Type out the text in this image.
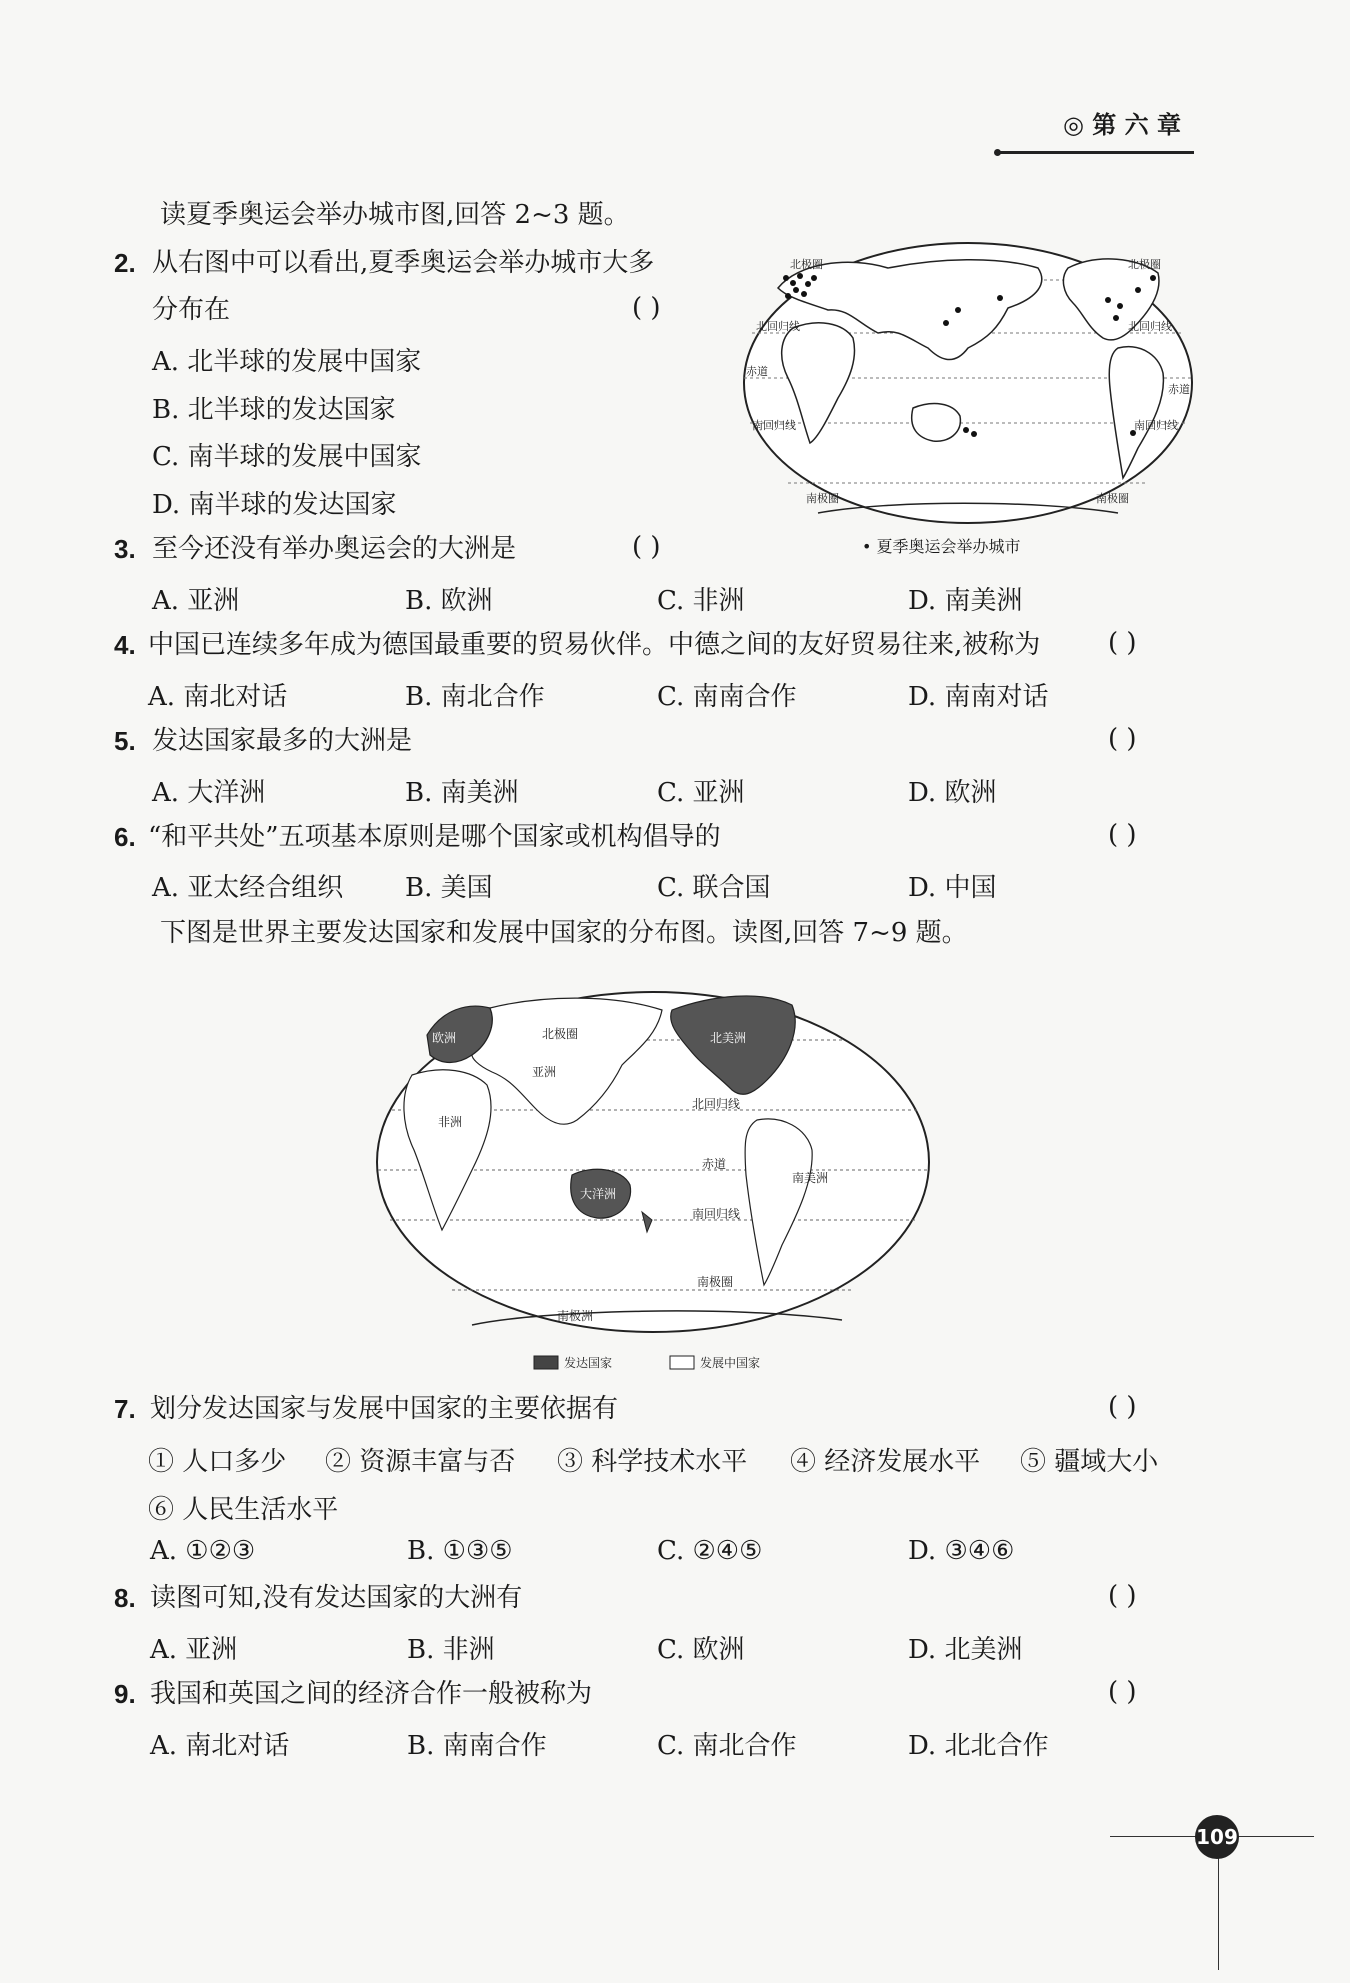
◎ 第 六 章
读夏季奥运会举办城市图,回答 2~3 题。
2. 从右图中可以看出,夏季奥运会举办城市大多
分布在	( )
A. 北半球的发展中国家
B. 北半球的发达国家
C. 南半球的发展中国家
D. 南半球的发达国家
北极圈	北极圈
北回归线	北回归线
赤道
赤道
南回归线	南回归线
南极圈	南极圈
• 夏季奥运会举办城市
3. 至今还没有举办奥运会的大洲是	( )
A. 亚洲	B. 欧洲	C. 非洲	D. 南美洲
4. 中国已连续多年成为德国最重要的贸易伙伴。中德之间的友好贸易往来,被称为	( )
A. 南北对话	B. 南北合作	C. 南南合作	D. 南南对话
5. 发达国家最多的大洲是	( )
A. 大洋洲	B. 南美洲	C. 亚洲	D. 欧洲
6. “和平共处”五项基本原则是哪个国家或机构倡导的	( )
A. 亚太经合组织 B. 美国	C. 联合国	D. 中国
下图是世界主要发达国家和发展中国家的分布图。读图,回答 7~9 题。
北极圈	北美洲
欧洲
亚洲
北回归线
非洲
赤道
南美洲
大洋洲
南回归线
南极圈
南极洲
发达国家	发展中国家
7. 划分发达国家与发展中国家的主要依据有	( )
① 人口多少 ② 资源丰富与否 ③ 科学技术水平 ④ 经济发展水平 ⑤ 疆域大小
⑥ 人民生活水平
A. ①②③	B. ①③⑤	C. ②④⑤	D. ③④⑥
8. 读图可知,没有发达国家的大洲有	( )
A. 亚洲	B. 非洲	C. 欧洲	D. 北美洲
9. 我国和英国之间的经济合作一般被称为	( )
A. 南北对话	B. 南南合作	C. 南北合作	D. 北北合作
109
